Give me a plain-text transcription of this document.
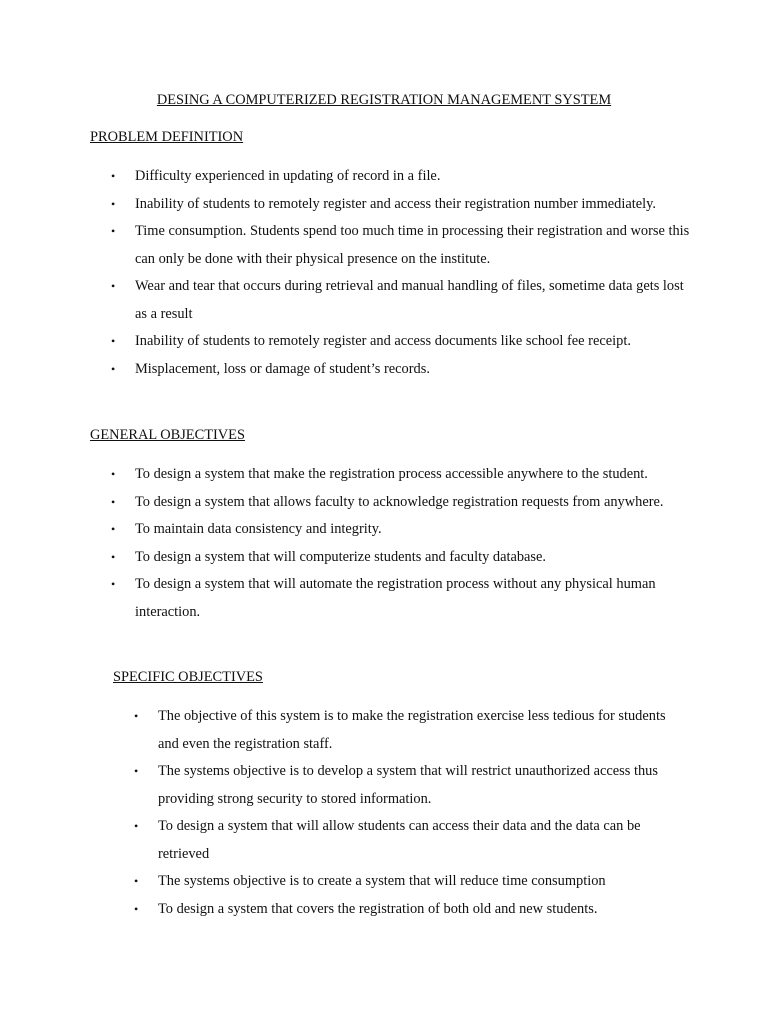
DESING A COMPUTERIZED REGISTRATION MANAGEMENT SYSTEM
PROBLEM DEFINITION
• Difficulty experienced in updating of record in a file.
• Inability of students to remotely register and access their registration number immediately.
• Time consumption. Students spend too much time in processing their registration and worse this can only be done with their physical presence on the institute.
• Wear and tear that occurs during retrieval and manual handling of files, sometime data gets lost as a result
• Inability of students to remotely register and access documents like school fee receipt.
• Misplacement, loss or damage of student’s records.
GENERAL OBJECTIVES
• To design a system that make the registration process accessible anywhere to the student.
• To design a system that allows faculty to acknowledge registration requests from anywhere.
• To maintain data consistency and integrity.
• To design a system that will computerize students and faculty database.
• To design a system that will automate the registration process without any physical human interaction.
SPECIFIC OBJECTIVES
• The objective of this system is to make the registration exercise less tedious for students and even the registration staff.
• The systems objective is to develop a system that will restrict unauthorized access thus providing strong security to stored information.
• To design a system that will allow students can access their data and the data can be retrieved
• The systems objective is to create a system that will reduce time consumption
• To design a system that covers the registration of both old and new students.
